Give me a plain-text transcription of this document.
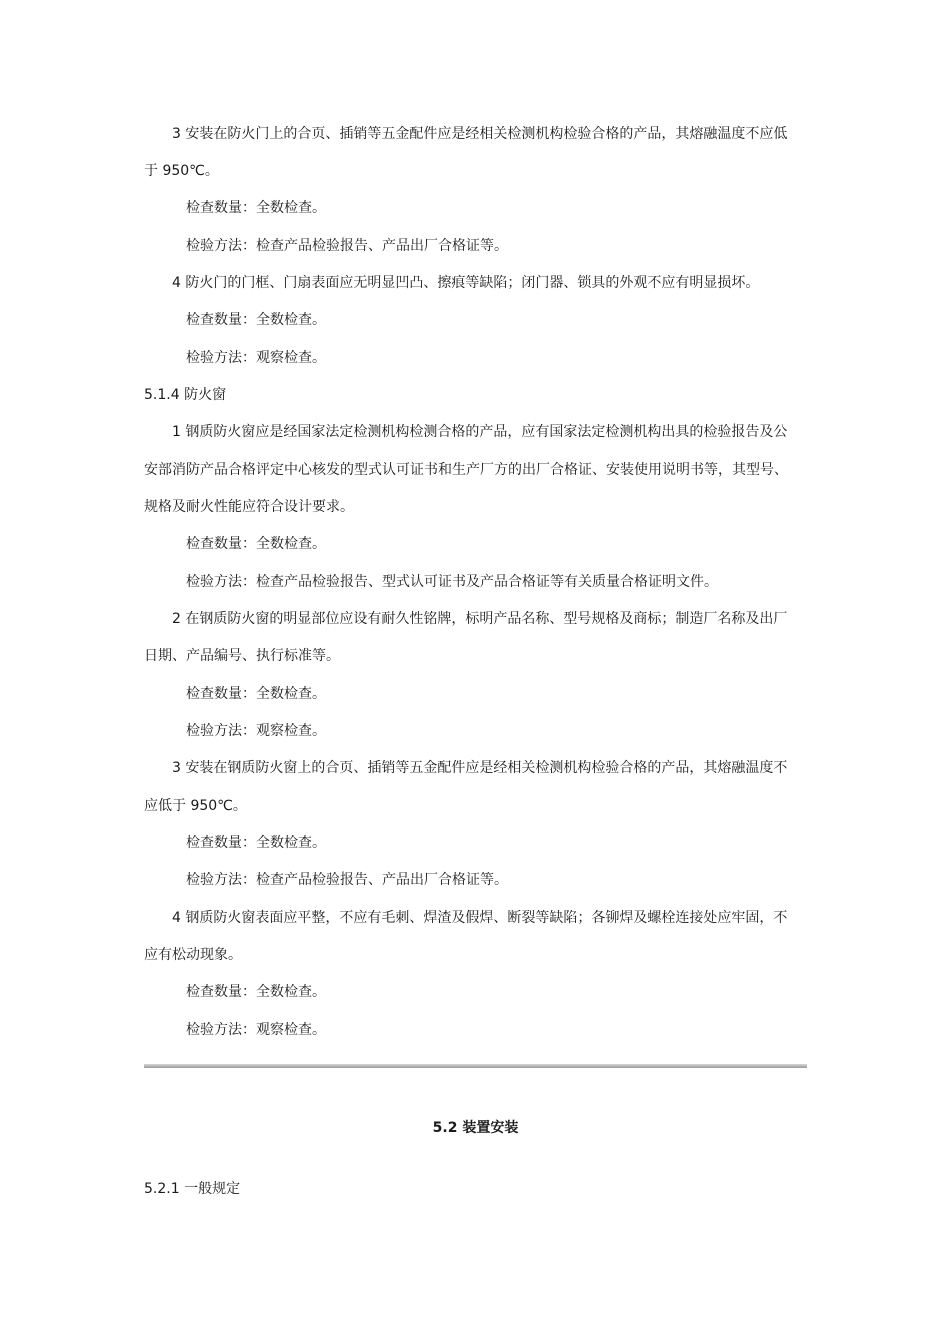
3 安装在防火门上的合页、插销等五金配件应是经相关检测机构检验合格的产品，其熔融温度不应低
于 950℃。
检查数量：全数检查。
检验方法：检查产品检验报告、产品出厂合格证等。
4 防火门的门框、门扇表面应无明显凹凸、擦痕等缺陷；闭门器、锁具的外观不应有明显损坏。
检查数量：全数检查。
检验方法：观察检查。
5.1.4 防火窗
1 钢质防火窗应是经国家法定检测机构检测合格的产品，应有国家法定检测机构出具的检验报告及公
安部消防产品合格评定中心核发的型式认可证书和生产厂方的出厂合格证、安装使用说明书等，其型号、
规格及耐火性能应符合设计要求。
检查数量：全数检查。
检验方法：检查产品检验报告、型式认可证书及产品合格证等有关质量合格证明文件。
2 在钢质防火窗的明显部位应设有耐久性铭牌，标明产品名称、型号规格及商标；制造厂名称及出厂
日期、产品编号、执行标准等。
检查数量：全数检查。
检验方法：观察检查。
3 安装在钢质防火窗上的合页、插销等五金配件应是经相关检测机构检验合格的产品，其熔融温度不
应低于 950℃。
检查数量：全数检查。
检验方法：检查产品检验报告、产品出厂合格证等。
4 钢质防火窗表面应平整，不应有毛刺、焊渣及假焊、断裂等缺陷；各铆焊及螺栓连接处应牢固，不
应有松动现象。
检查数量：全数检查。
检验方法：观察检查。
5.2 装置安装
5.2.1 一般规定
